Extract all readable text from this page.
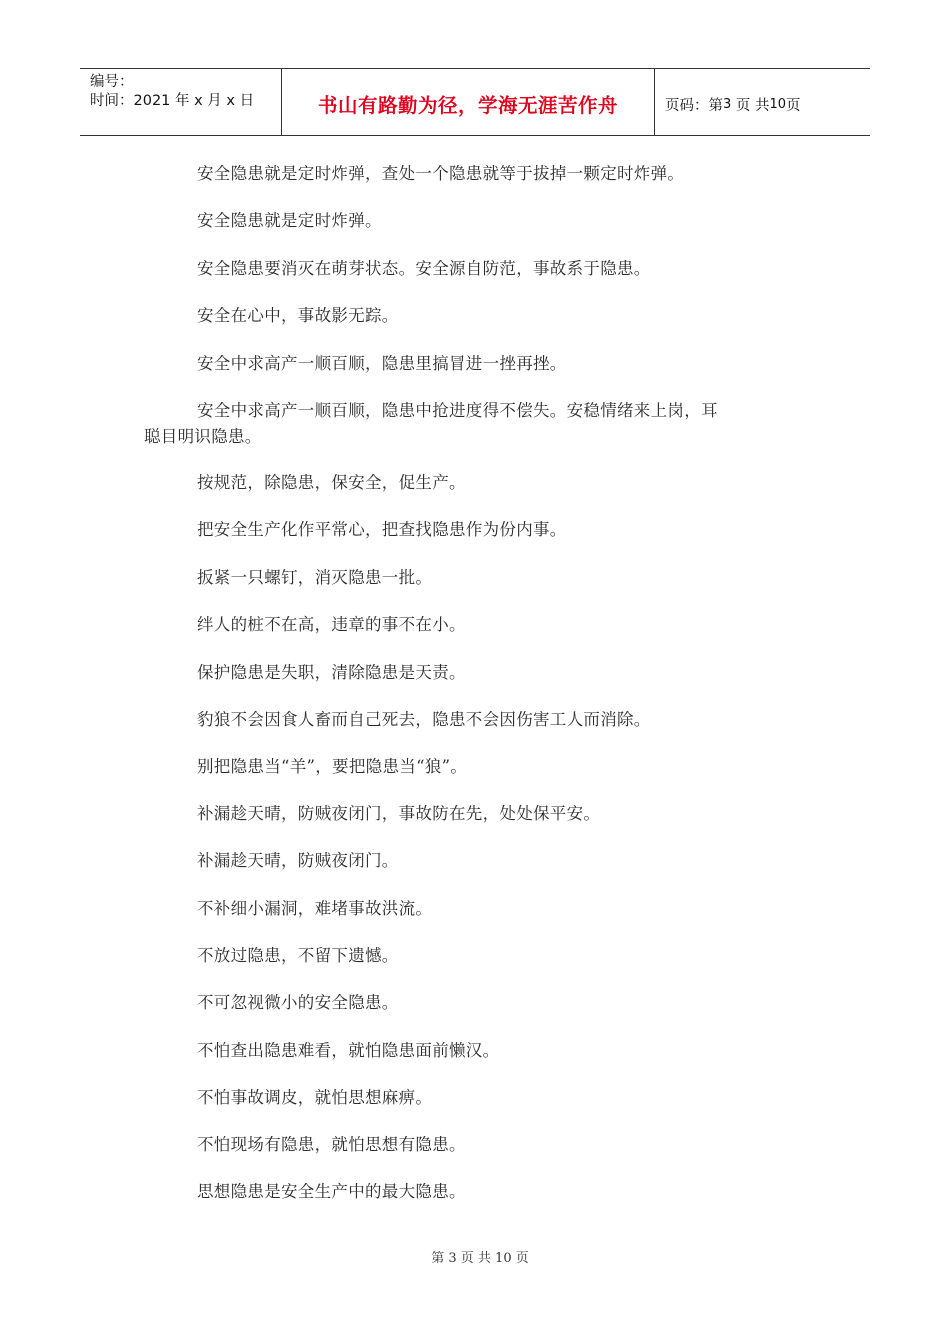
编号：
时间：2021 年 x 月 x 日	书山有路勤为径，学海无涯苦作舟	页码：第 3
页 共 10 页
安全隐患就是定时炸弹，查处一个隐患就等于拔掉一颗定时炸弹。
安全隐患就是定时炸弹。
安全隐患要消灭在萌芽状态。安全源自防范，事故系于隐患。
安全在心中，事故影无踪。
安全中求高产一顺百顺，隐患里搞冒进一挫再挫。
安全中求高产一顺百顺，隐患中抢进度得不偿失。安稳情绪来上岗，耳
聪目明识隐患。
按规范，除隐患，保安全，促生产。
把安全生产化作平常心，把查找隐患作为份内事。
扳紧一只螺钉，消灭隐患一批。
绊人的桩不在高，违章的事不在小。
保护隐患是失职，清除隐患是天责。
豹狼不会因食人畜而自己死去，隐患不会因伤害工人而消除。
别把隐患当“羊”，要把隐患当“狼”。
补漏趁天晴，防贼夜闭门，事故防在先，处处保平安。
补漏趁天晴，防贼夜闭门。
不补细小漏洞，难堵事故洪流。
不放过隐患，不留下遗憾。
不可忽视微小的安全隐患。
不怕查出隐患难看，就怕隐患面前懒汉。
不怕事故调皮，就怕思想麻痹。
不怕现场有隐患，就怕思想有隐患。
思想隐患是安全生产中的最大隐患。
第 3 页 共 10 页
